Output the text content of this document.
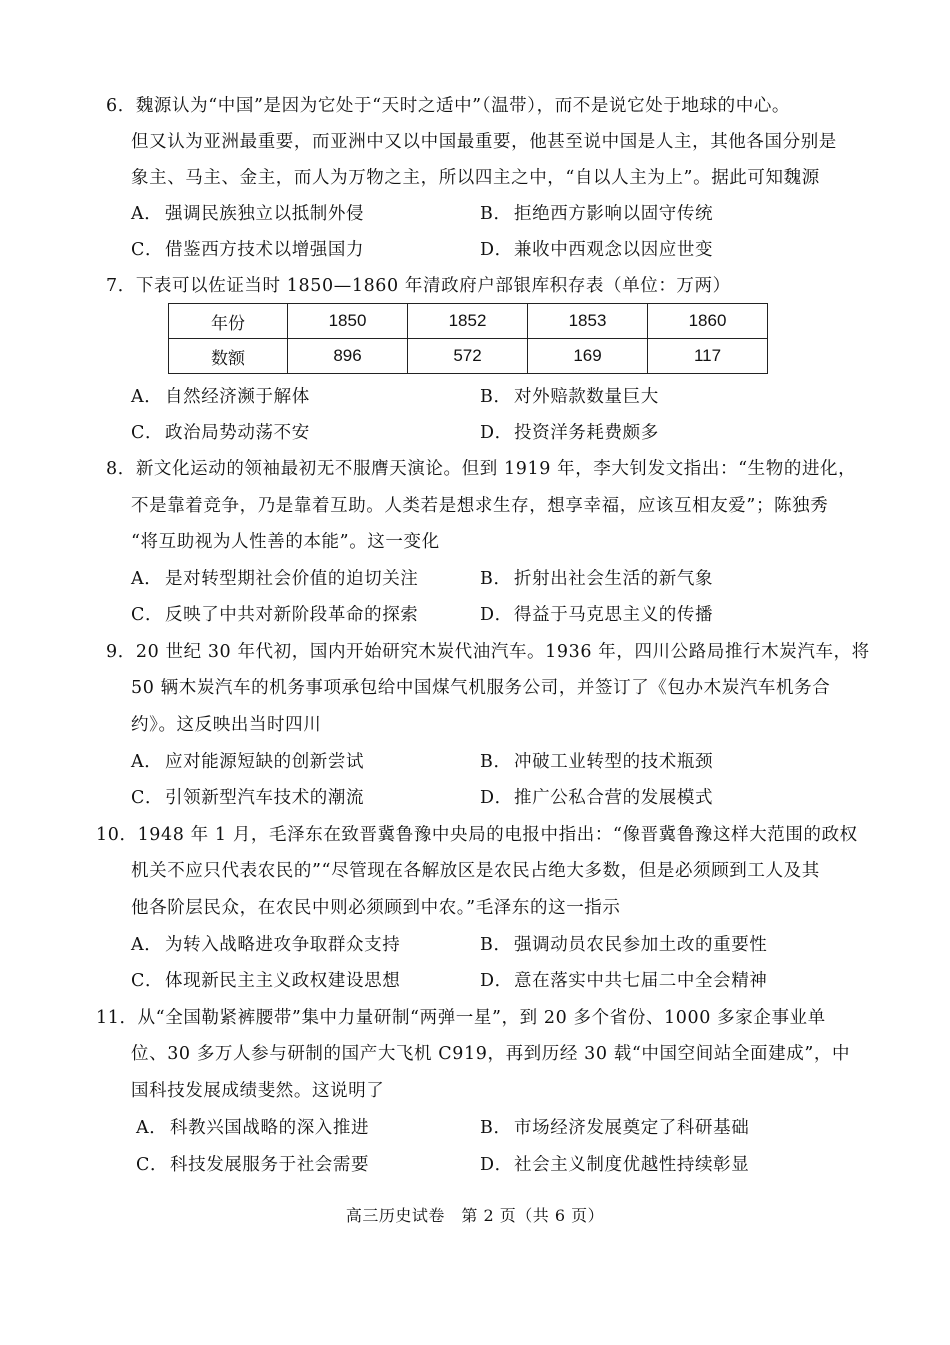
6．魏源认为“中国”是因为它处于“天时之适中”（温带），而不是说它处于地球的中心。
但又认为亚洲最重要，而亚洲中又以中国最重要，他甚至说中国是人主，其他各国分别是
象主、马主、金主，而人为万物之主，所以四主之中，“自以人主为上”。据此可知魏源
A． 强调民族独立以抵制外侵	B． 拒绝西方影响以固守传统
C． 借鉴西方技术以增强国力	D．兼收中西观念以因应世变
7．下表可以佐证当时 1850—1860 年清政府户部银库积存表（单位：万两）
年份	1850	1852	1853	1860
数额	896	572	169	117
A． 自然经济濒于解体	B． 对外赔款数量巨大
C． 政治局势动荡不安	D．投资洋务耗费颇多
8．新文化运动的领袖最初无不服膺天演论。但到 1919 年，李大钊发文指出：“生物的进化，
不是靠着竞争，乃是靠着互助。人类若是想求生存，想享幸福，应该互相友爱”；陈独秀
“将互助视为人性善的本能”。这一变化
A． 是对转型期社会价值的迫切关注	B． 折射出社会生活的新气象
C． 反映了中共对新阶段革命的探索	D．得益于马克思主义的传播
9．20 世纪 30 年代初，国内开始研究木炭代油汽车。1936 年，四川公路局推行木炭汽车，将
50 辆木炭汽车的机务事项承包给中国煤气机服务公司，并签订了《包办木炭汽车机务合
约》。这反映出当时四川
A． 应对能源短缺的创新尝试	B． 冲破工业转型的技术瓶颈
C． 引领新型汽车技术的潮流	D．推广公私合营的发展模式
10．1948 年 1 月，毛泽东在致晋冀鲁豫中央局的电报中指出：“像晋冀鲁豫这样大范围的政权
机关不应只代表农民的”“尽管现在各解放区是农民占绝大多数，但是必须顾到工人及其
他各阶层民众，在农民中则必须顾到中农。”毛泽东的这一指示
A． 为转入战略进攻争取群众支持	B． 强调动员农民参加土改的重要性
C． 体现新民主主义政权建设思想	D．意在落实中共七届二中全会精神
11．从“全国勒紧裤腰带”集中力量研制“两弹一星”，到 20 多个省份、1000 多家企事业单
位、30 多万人参与研制的国产大飞机 C919，再到历经 30 载“中国空间站全面建成”，中
国科技发展成绩斐然。这说明了
A． 科教兴国战略的深入推进	B． 市场经济发展奠定了科研基础
C． 科技发展服务于社会需要	D．社会主义制度优越性持续彰显
高三历史试卷　第 2 页（共 6 页）
